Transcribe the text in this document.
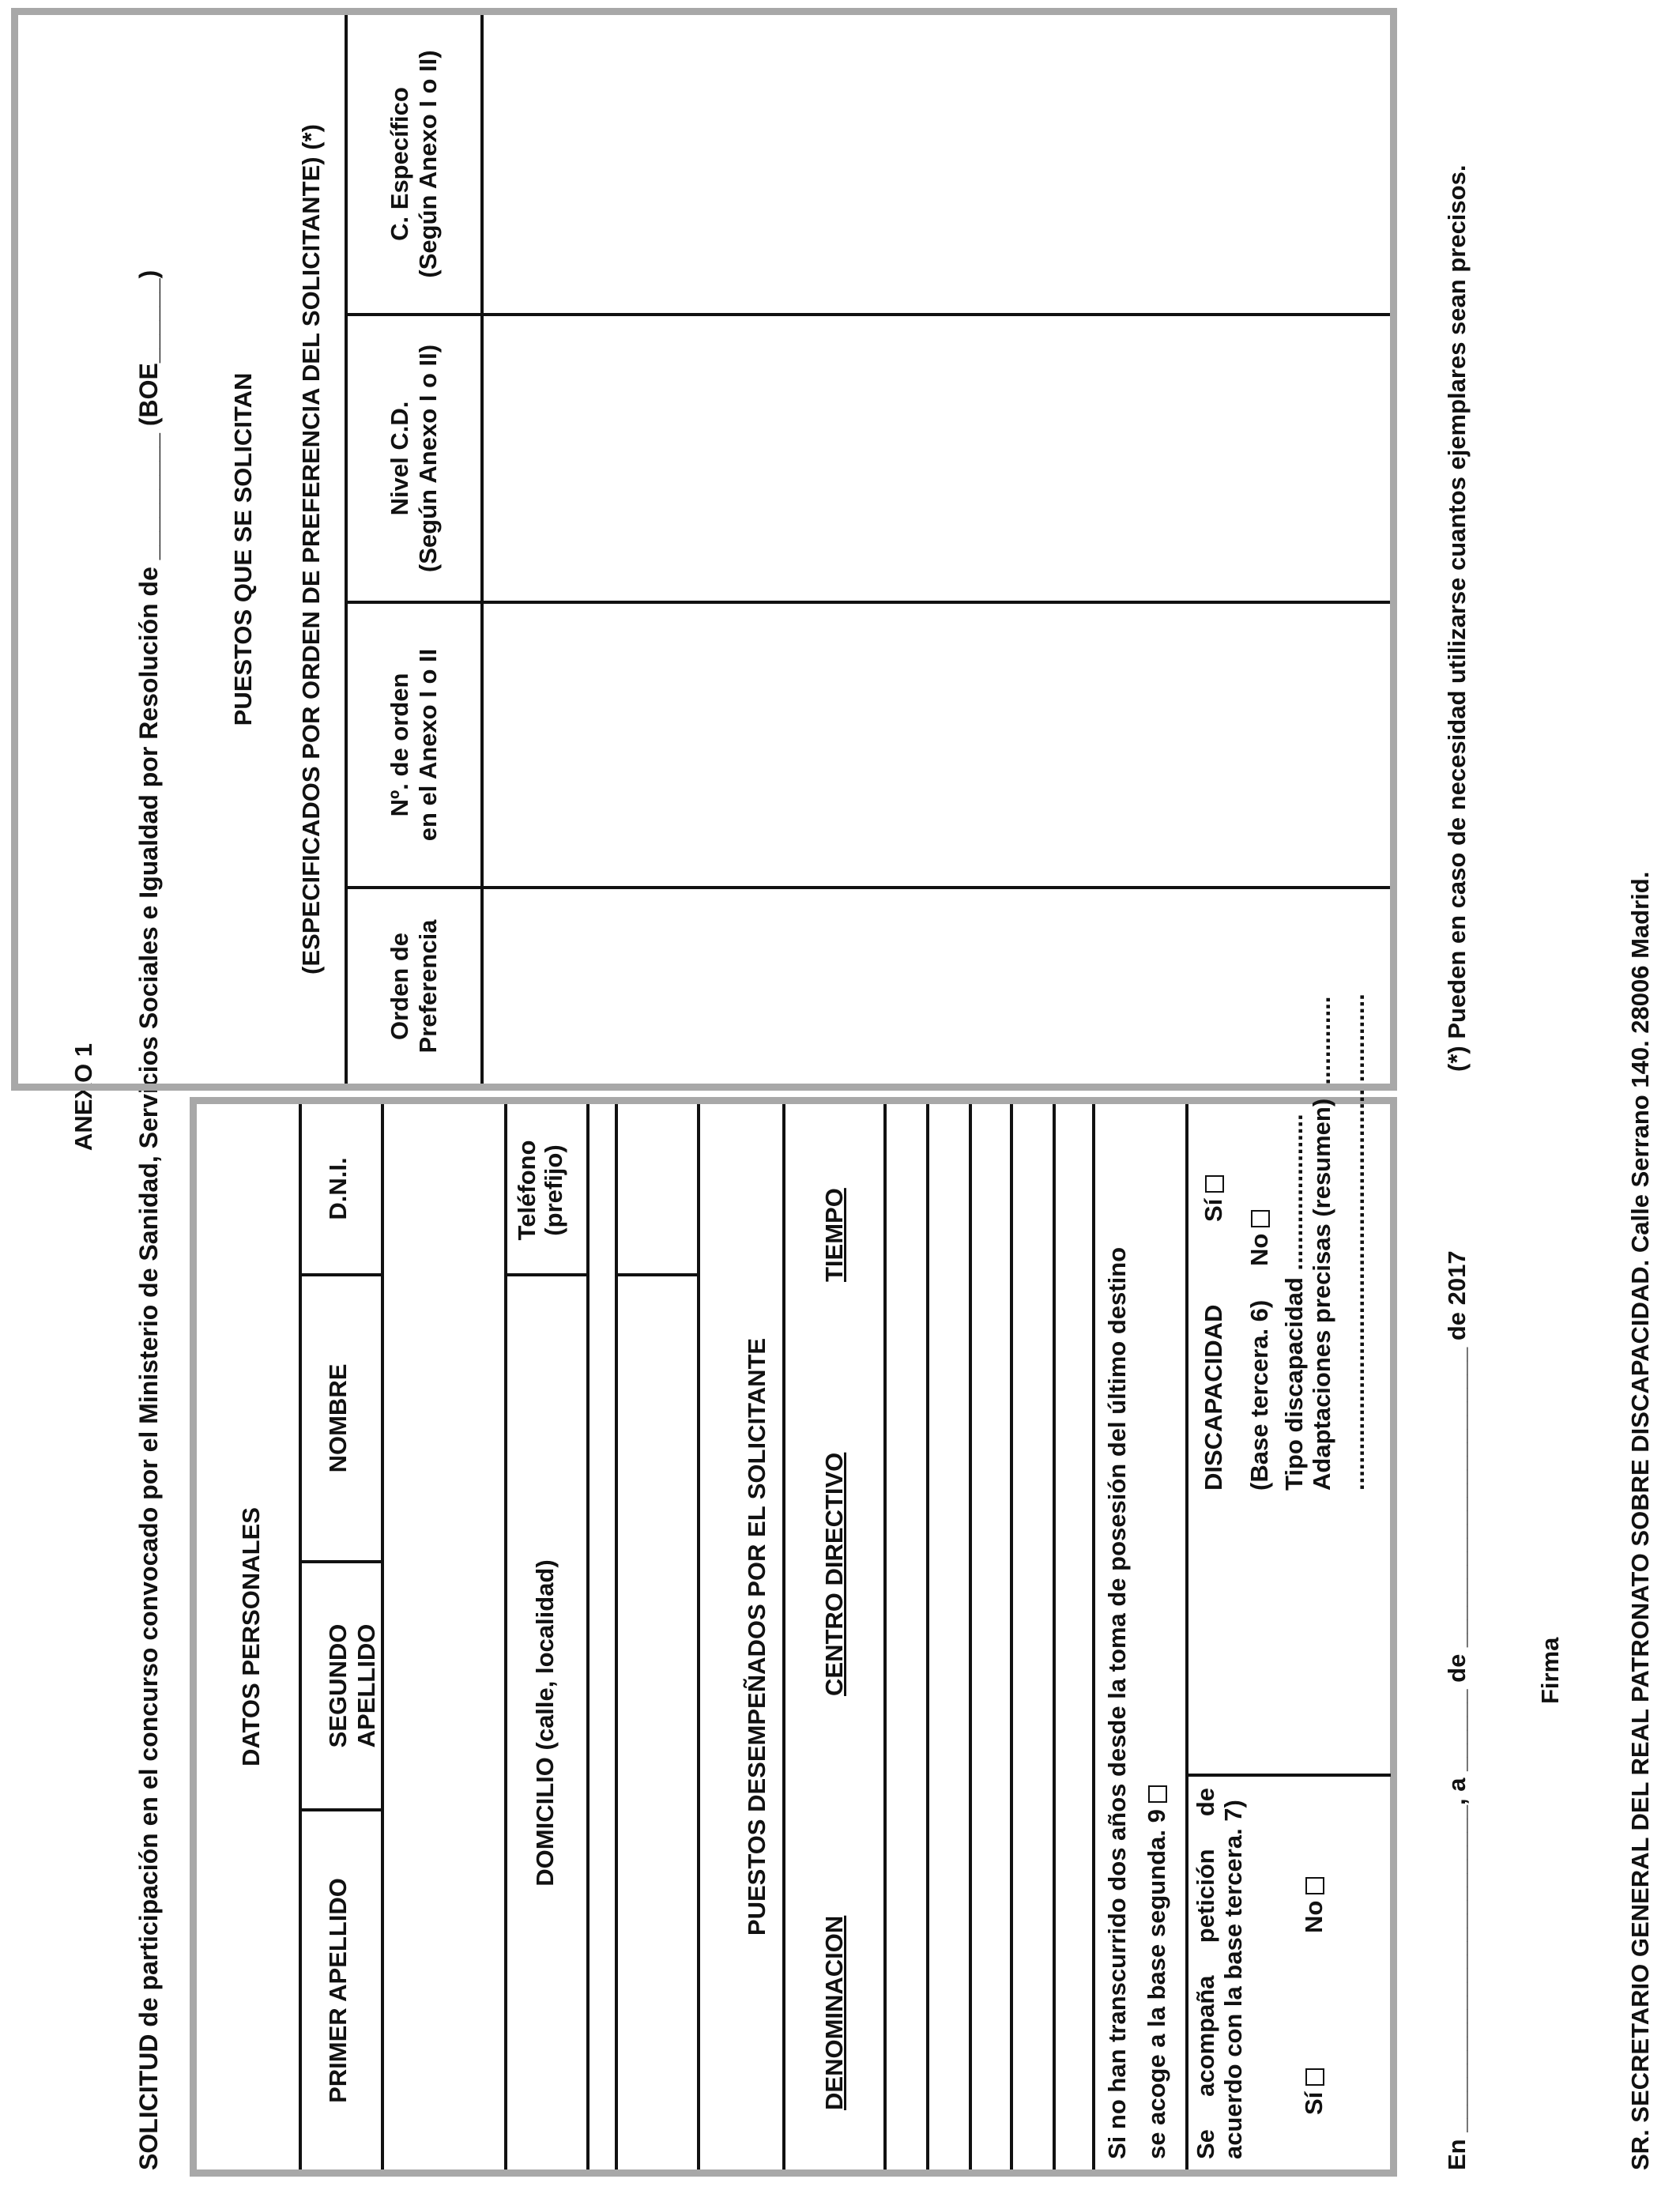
ANEXO 1 SOLICITUD de participación en el concurso convocado por el Ministerio de Sanidad, Servicios Sociales e Igualdad por Resolución de _________ (BOE______)	DATOS PERSONALES
PRIMER APELLIDO
SEGUNDO APELLIDO
NOMBRE
D.N.I.
DOMICILIO (calle, localidad)
Teléfono (prefijo)
PUESTOS DESEMPEÑADOS POR EL SOLICITANTE
DENOMINACION
CENTRO DIRECTIVO
TIEMPO
Si no han transcurrido dos años desde la toma de posesión del último destino se acoge a la base segunda. 9 Se acompaña petición de acuerdo con la base tercera. 7) Sí
No
DISCAPACIDAD
Sí
(Base tercera. 6)
No Tipo discapacidad ....................... Adaptaciones precisas (resumen) .............. .........................................................................
En ________________________, a ______ de ______________________ de 2017
(*) Pueden en caso de necesidad utilizarse cuantos ejemplares sean precisos.
Firma	SR. SECRETARIO GENERAL DEL REAL PATRONATO SOBRE DISCAPACIDAD. Calle Serrano 140. 28006 Madrid.
PUESTOS QUE SE SOLICITAN (ESPECIFICADOS POR ORDEN DE PREFERENCIA DEL SOLICITANTE) (*)
Orden de Preferencia
Nº. de orden en el Anexo I o II
Nivel C.D. (Según Anexo I o II)
C. Específico (Según Anexo I o II)
